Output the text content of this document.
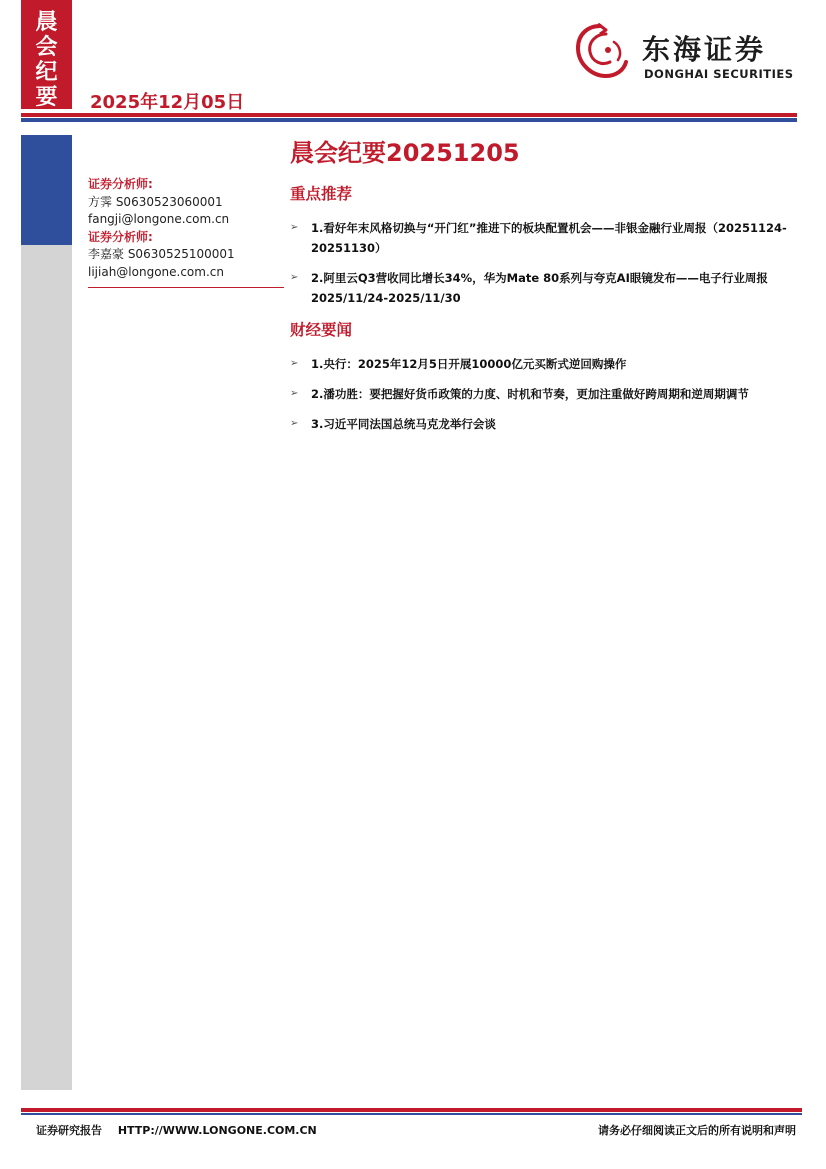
晨
会
纪
要	2025年12月05日
东海证券
DONGHAI SECURITIES
晨会纪要20251205
证券分析师:
方霁 S0630523060001
fangji@longone.com.cn
证券分析师:
李嘉豪 S0630525100001
lijiah@longone.com.cn
重点推荐
➢	1.看好年末风格切换与“开门红”推进下的板块配置机会——非银金融行业周报（20251124-20251130）
➢	2.阿里云Q3营收同比增长34%，华为Mate 80系列与夸克AI眼镜发布——电子行业周报2025/11/24-2025/11/30
财经要闻
➢	1.央行：2025年12月5日开展10000亿元买断式逆回购操作
➢	2.潘功胜：要把握好货币政策的力度、时机和节奏，更加注重做好跨周期和逆周期调节
➢	3.习近平同法国总统马克龙举行会谈
证券研究报告 HTTP://WWW.LONGONE.COM.CN	请务必仔细阅读正文后的所有说明和声明
